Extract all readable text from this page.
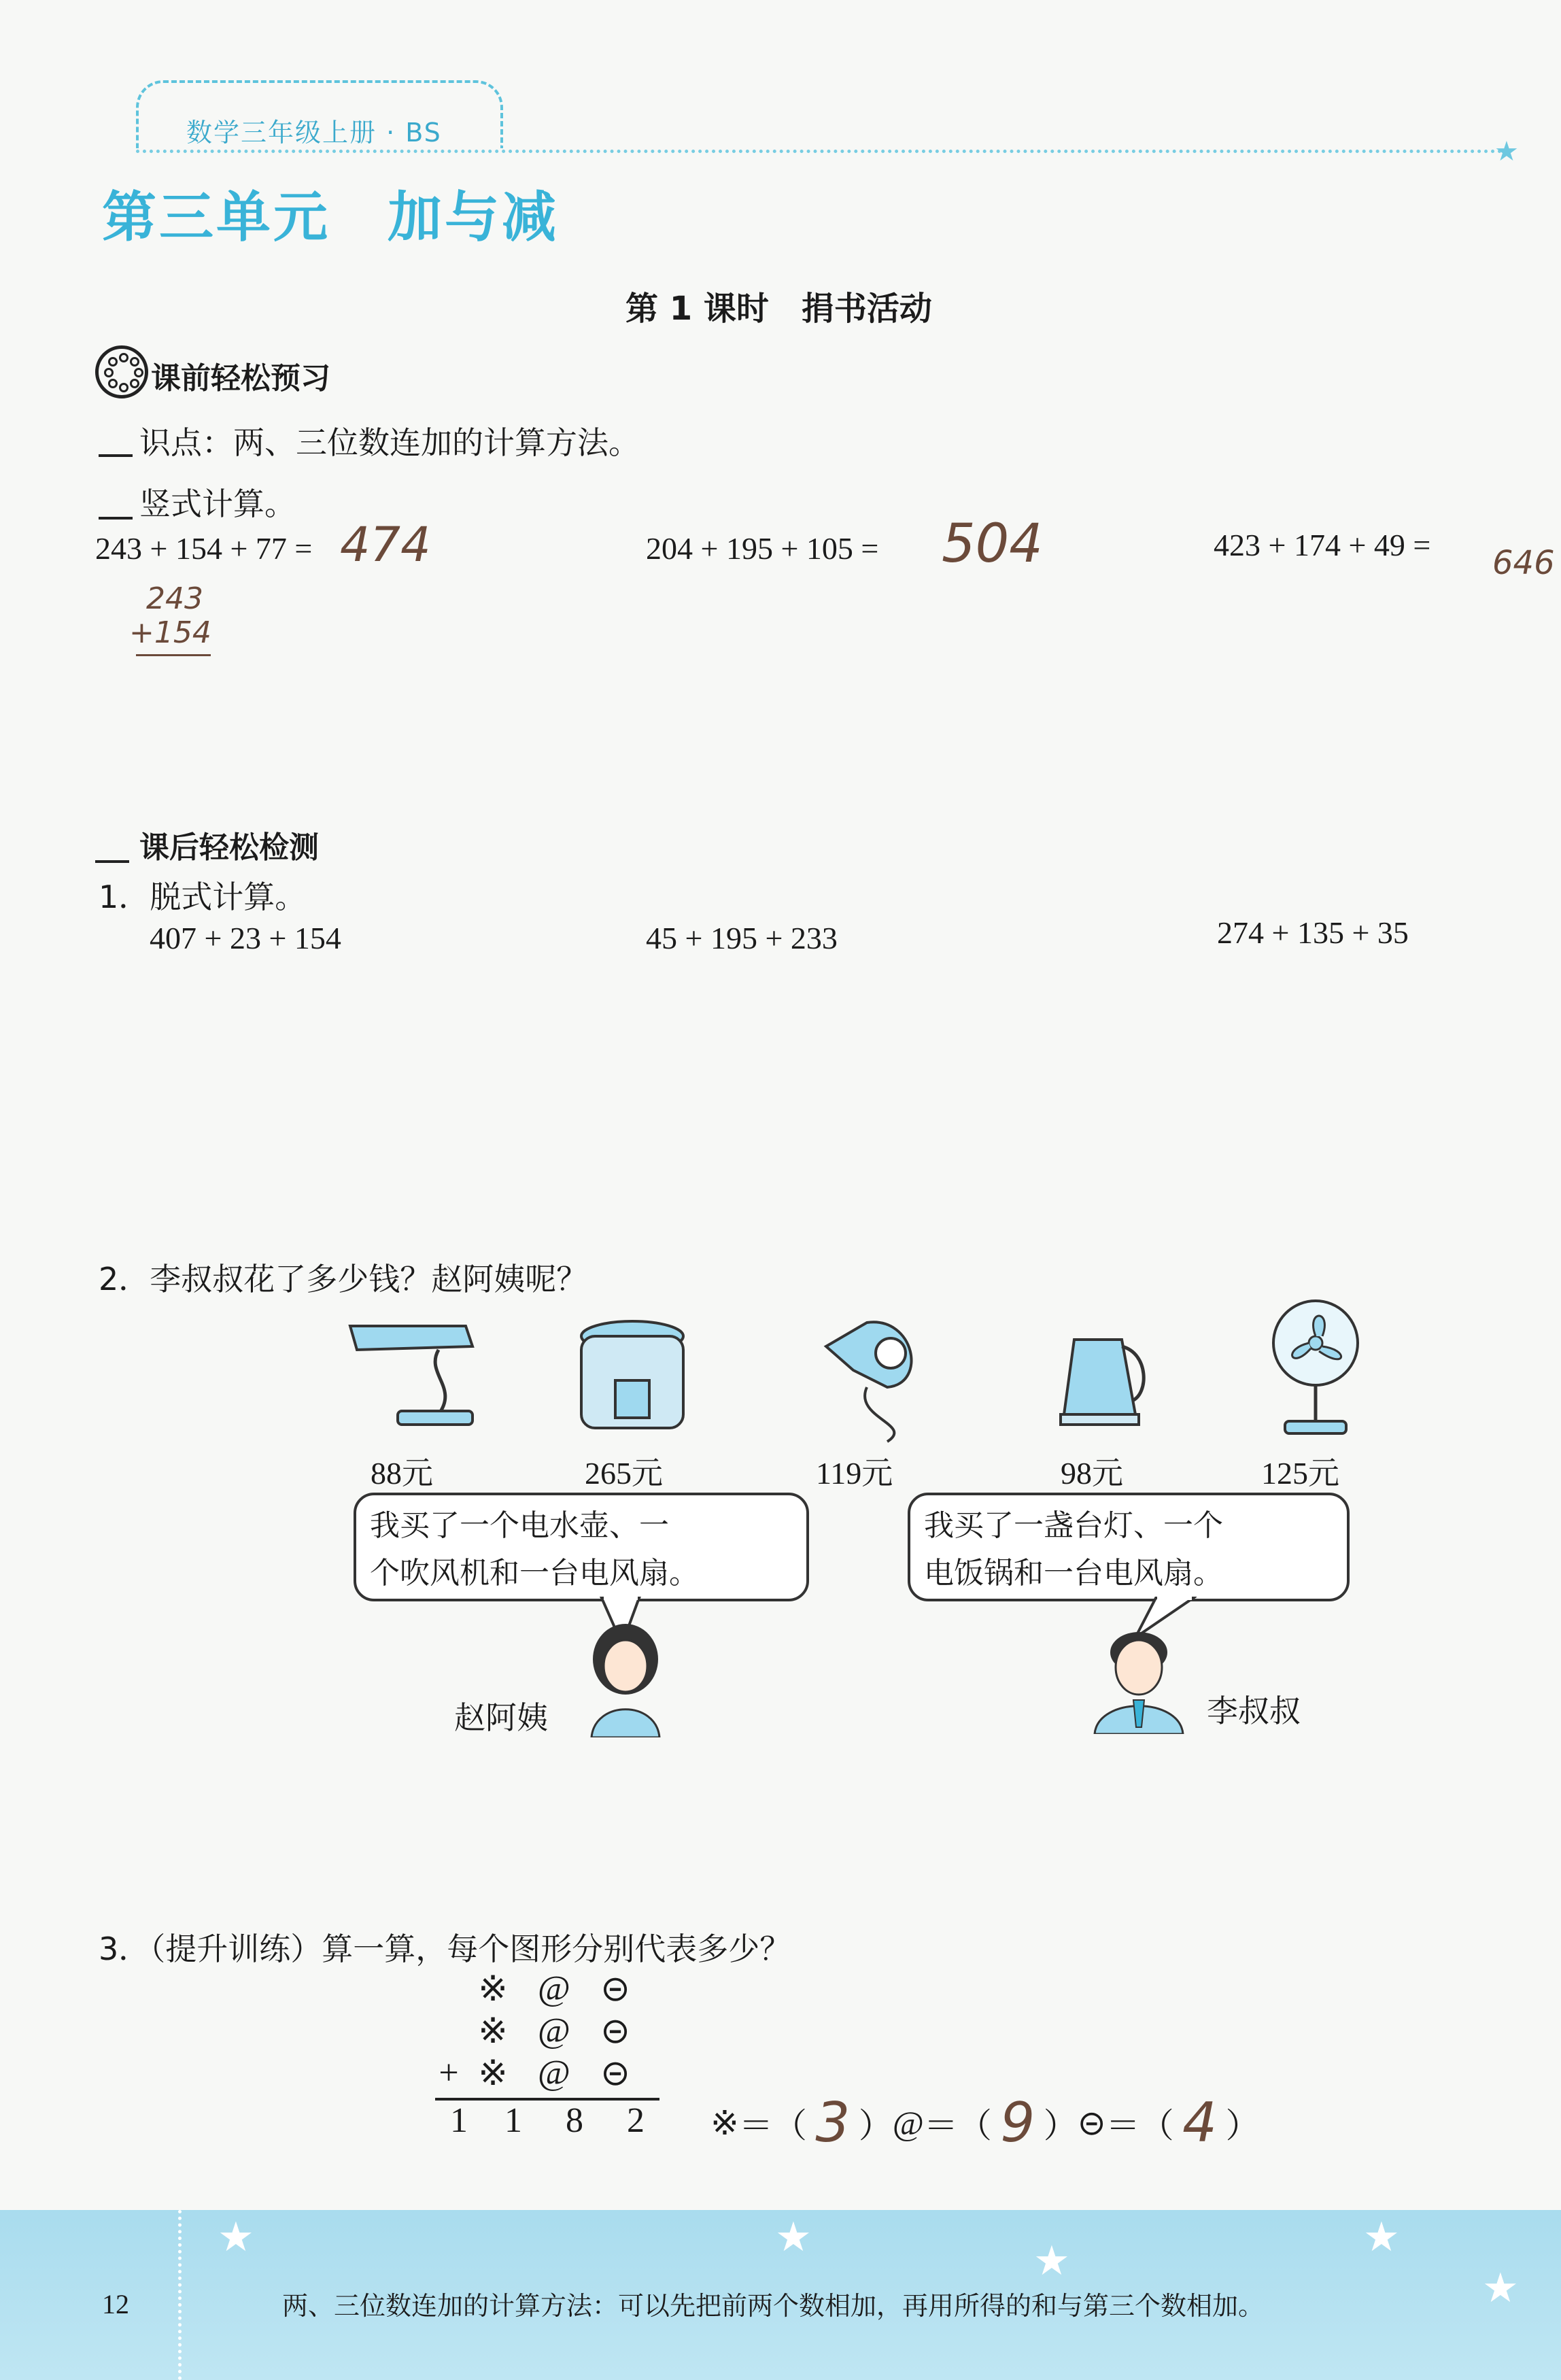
数学三年级上册 · BS
★
第三单元　加与减
第 1 课时　捐书活动
课前轻松预习
识点：两、三位数连加的计算方法。
竖式计算。
243 + 154 + 77 = 474	204 + 195 + 105 = 504	423 + 174 + 49 = 646
243
+154
课后轻松检测
1．脱式计算。
407 + 23 + 154	45 + 195 + 233	274 + 135 + 35
2．李叔叔花了多少钱？赵阿姨呢？
88元	265元	119元	98元	125元
我买了一个电水壶、一
个吹风机和一台电风扇。
我买了一盏台灯、一个
电饭锅和一台电风扇。
赵阿姨	李叔叔
3．（提升训练）算一算，每个图形分别代表多少？
※ @ ⊝
※ @ ⊝
+ ※ @ ⊝
1	1	8	2	※ ＝（ 3 ） @ ＝（ 9 ） ⊝ ＝（ 4 ）
★	★	★	★
★
12	两、三位数连加的计算方法：可以先把前两个数相加，再用所得的和与第三个数相加。
